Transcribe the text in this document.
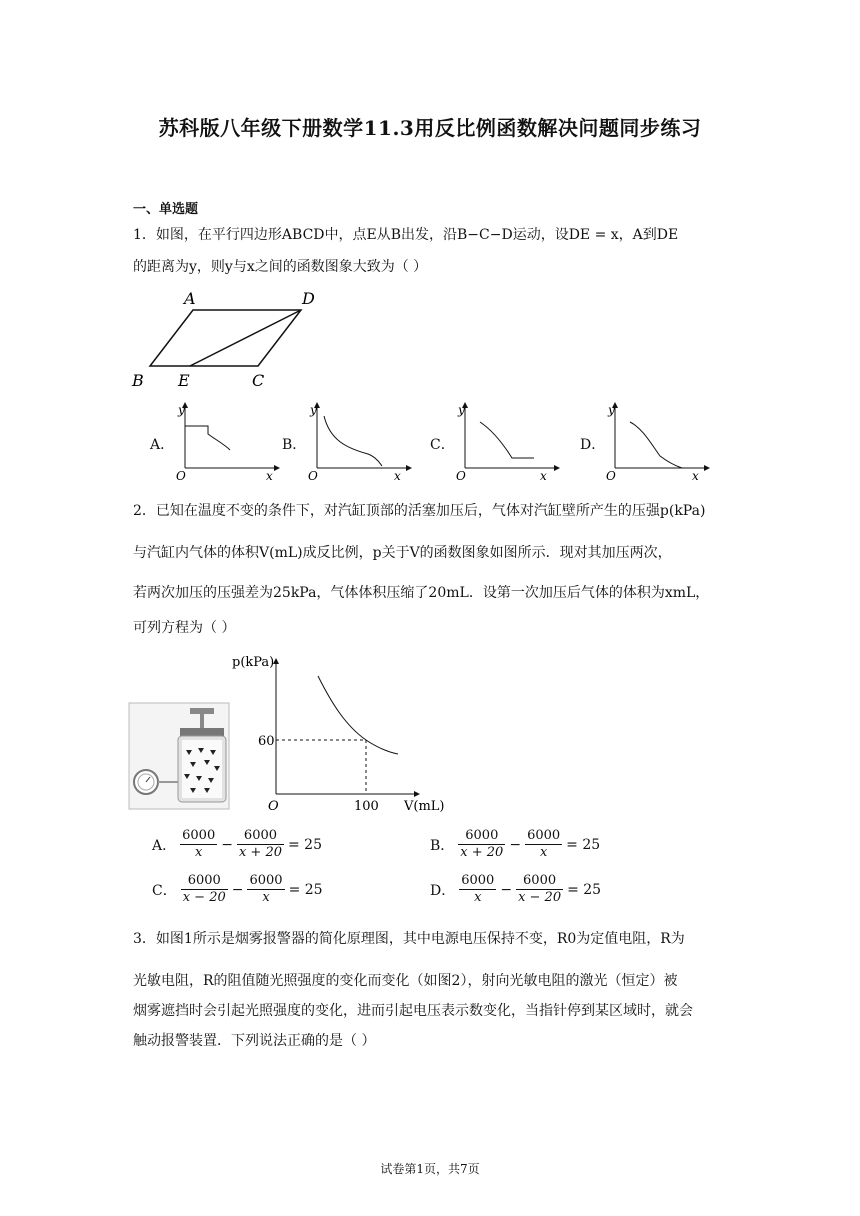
苏科版八年级下册数学11.3用反比例函数解决问题同步练习
一、单选题
1．如图，在平行四边形ABCD中，点E从B出发，沿B−C−D运动，设DE = x，A到DE
的距离为y，则y与x之间的函数图象大致为（ ）
A	D
B E	C
A．
y
x
O
B．
y
x
O
C．
y
x
O
D．
y
x
O
2．已知在温度不变的条件下，对汽缸顶部的活塞加压后，气体对汽缸壁所产生的压强p(kPa)
与汽缸内气体的体积V(mL)成反比例，p关于V的函数图象如图所示．现对其加压两次，
若两次加压的压强差为25kPa，气体体积压缩了20mL．设第一次加压后气体的体积为xmL，
可列方程为（ ）
p(kPa)
V(mL)
O
60
100
A． $\frac{6000}{x} - \frac{6000}{x + 20} = 25$	B． $\frac{6000}{x + 20} - \frac{6000}{x} = 25$
C． $\frac{6000}{x - 20} - \frac{6000}{x} = 25$	D． $\frac{6000}{x} - \frac{6000}{x - 20} = 25$
3．如图1所示是烟雾报警器的简化原理图，其中电源电压保持不变，R0为定值电阻，R为
光敏电阻，R的阻值随光照强度的变化而变化（如图2），射向光敏电阻的激光（恒定）被
烟雾遮挡时会引起光照强度的变化，进而引起电压表示数变化，当指针停到某区域时，就会
触动报警装置．下列说法正确的是（ ）
试卷第1页，共7页
